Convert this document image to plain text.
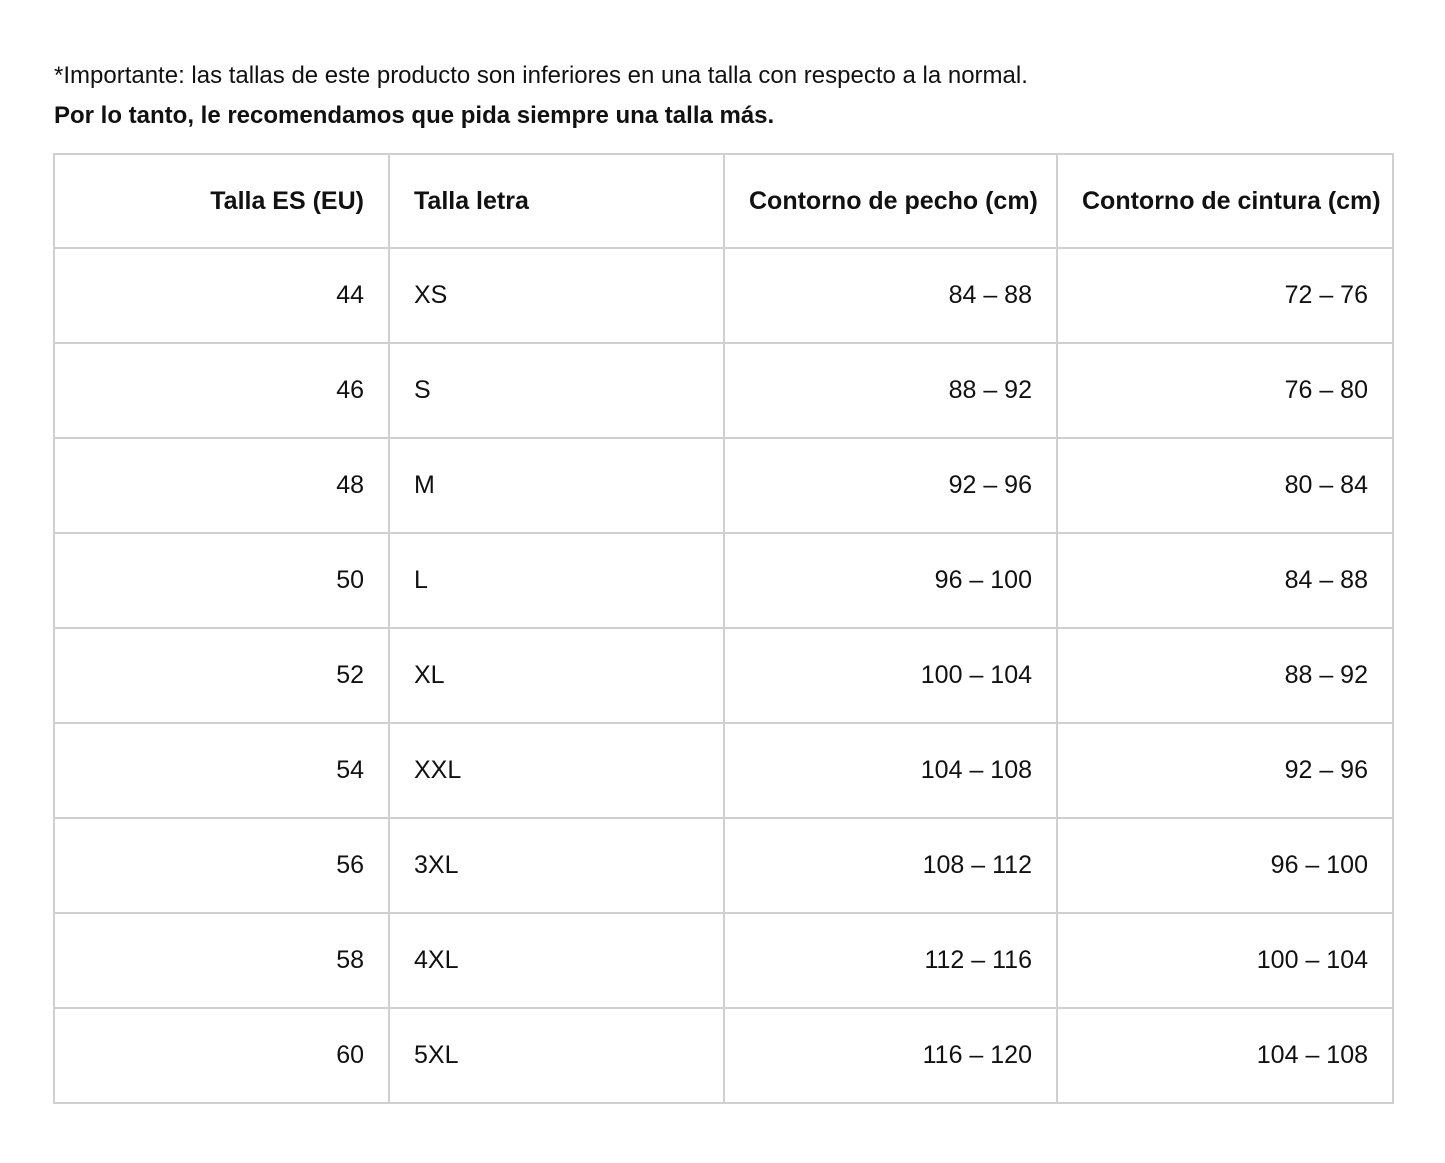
*Importante: las tallas de este producto son inferiores en una talla con respecto a la normal.
Por lo tanto, le recomendamos que pida siempre una talla más.
Talla ES (EU)	Talla letra	Contorno de pecho (cm)	Contorno de cintura (cm)
44	XS	84 – 88	72 – 76
46	S	88 – 92	76 – 80
48	M	92 – 96	80 – 84
50	L	96 – 100	84 – 88
52	XL	100 – 104	88 – 92
54	XXL	104 – 108	92 – 96
56	3XL	108 – 112	96 – 100
58	4XL	112 – 116	100 – 104
60	5XL	116 – 120	104 – 108
